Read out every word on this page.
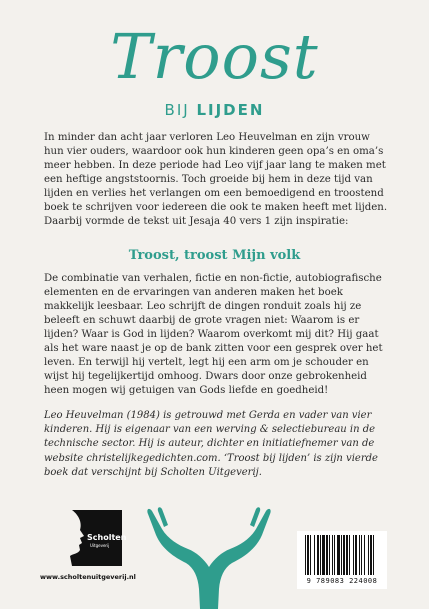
Troost
BIJ LIJDEN

In minder dan acht jaar verloren Leo Heuvelman en zijn vrouw hun vier ouders, waardoor ook hun kinderen geen opa’s en oma’s meer hebben. In deze periode had Leo vijf jaar lang te maken met een heftige angststoornis. Toch groeide bij hem in deze tijd van lijden en verlies het verlangen om een bemoedigend en troostend boek te schrijven voor iedereen die ook te maken heeft met lijden. Daarbij vormde de tekst uit Jesaja 40 vers 1 zijn inspiratie:

Troost, troost Mijn volk

De combinatie van verhalen, fictie en non-fictie, autobiografische elementen en de ervaringen van anderen maken het boek makkelijk leesbaar. Leo schrijft de dingen ronduit zoals hij ze beleeft en schuwt daarbij de grote vragen niet: Waarom is er lijden? Waar is God in lijden? Waarom overkomt mij dit? Hij gaat als het ware naast je op de bank zitten voor een gesprek over het leven. En terwijl hij vertelt, legt hij een arm om je schouder en wijst hij tegelijkertijd omhoog. Dwars door onze gebrokenheid heen mogen wij getuigen van Gods liefde en goedheid!

Leo Heuvelman (1984) is getrouwd met Gerda en vader van vier kinderen. Hij is eigenaar van een werving & selectiebureau in de technische sector. Hij is auteur, dichter en initiatiefnemer van de website christelijkegedichten.com. ‘Troost bij lijden’ is zijn vierde boek dat verschijnt bij Scholten Uitgeverij.

Scholten
Uitgeverij
www.scholtenuitgeverij.nl	9 789083 224008
